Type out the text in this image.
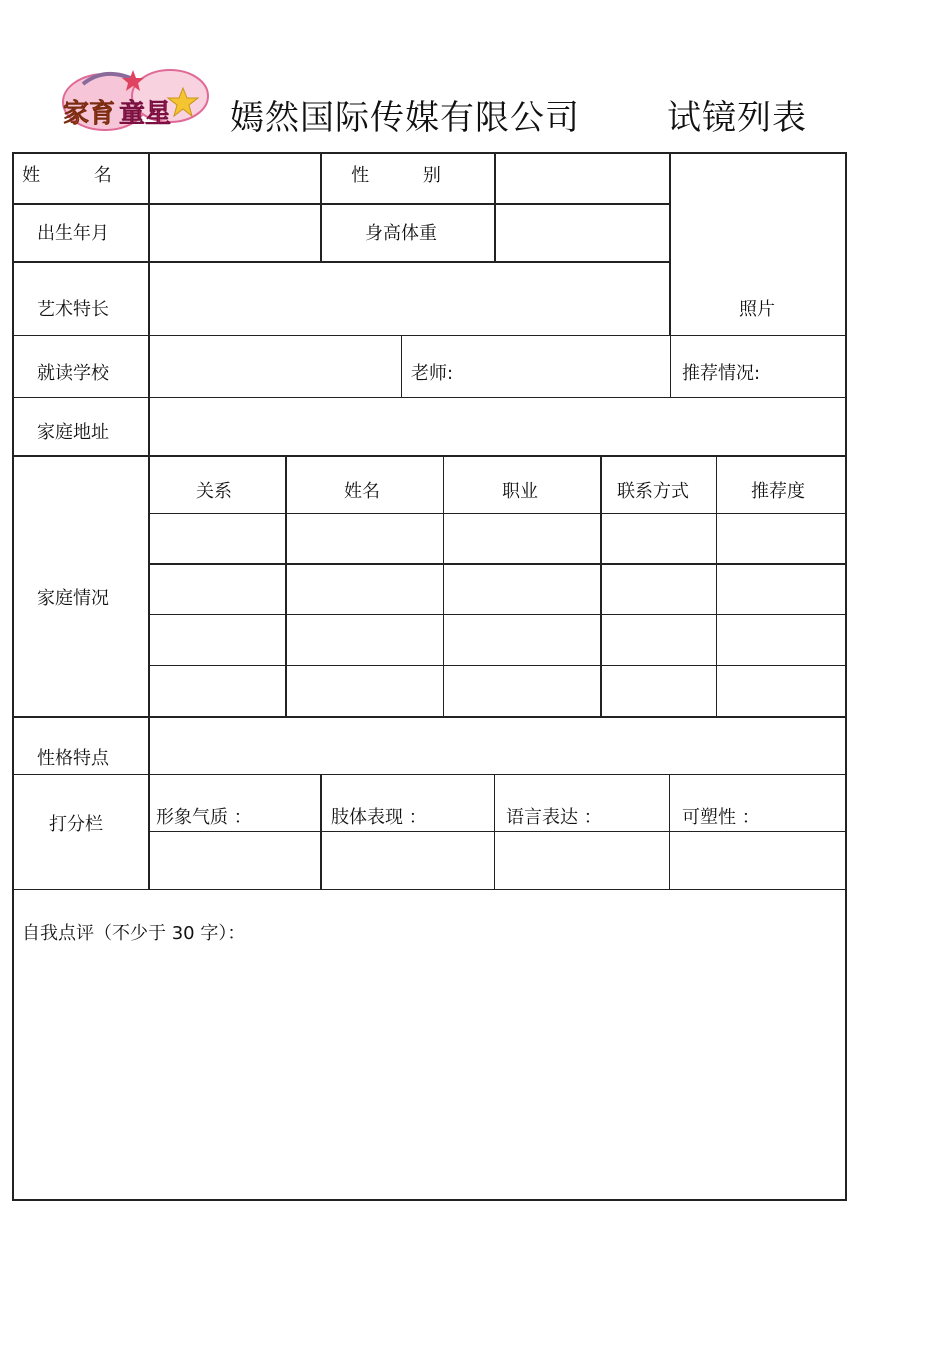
家育 童星 嫣然国际传媒有限公司	试镜列表
姓 名	性 别
照片
出生年月	身高体重
艺术特长
就读学校	老师:	推荐情况:
家庭地址
家庭情况
关系	姓名	职业	联系方式	推荐度
性格特点
打分栏	形象气质 ：	肢体表现 ：	语言表达 ：	可塑性 ：
自我点评（不少于 30 字）：
